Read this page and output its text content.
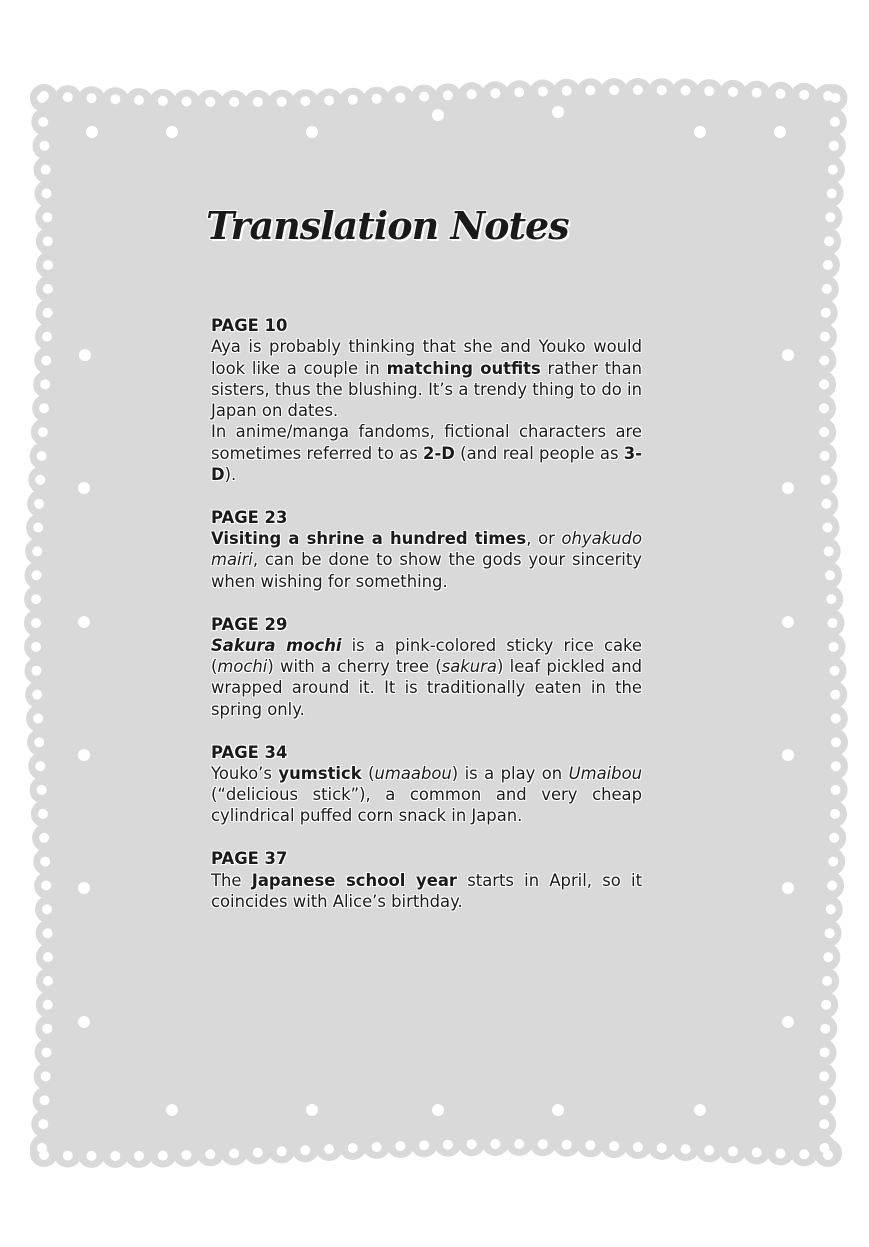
Translation Notes
PAGE 10

Aya is probably thinking that she and Youko would look like a couple in matching outfits rather than sisters, thus the blushing. It’s a trendy thing to do in Japan on dates.

In anime/manga fandoms, fictional characters are sometimes referred to as 2-D (and real people as 3-D).

PAGE 23

Visiting a shrine a hundred times, or ohyakudo mairi, can be done to show the gods your sincerity when wishing for something.

PAGE 29

Sakura mochi is a pink-colored sticky rice cake (mochi) with a cherry tree (sakura) leaf pickled and wrapped around it. It is traditionally eaten in the spring only.

PAGE 34

Youko’s yumstick (umaabou) is a play on Umaibou (“delicious stick”), a common and very cheap cylindrical puffed corn snack in Japan.

PAGE 37

The Japanese school year starts in April, so it coincides with Alice’s birthday.
